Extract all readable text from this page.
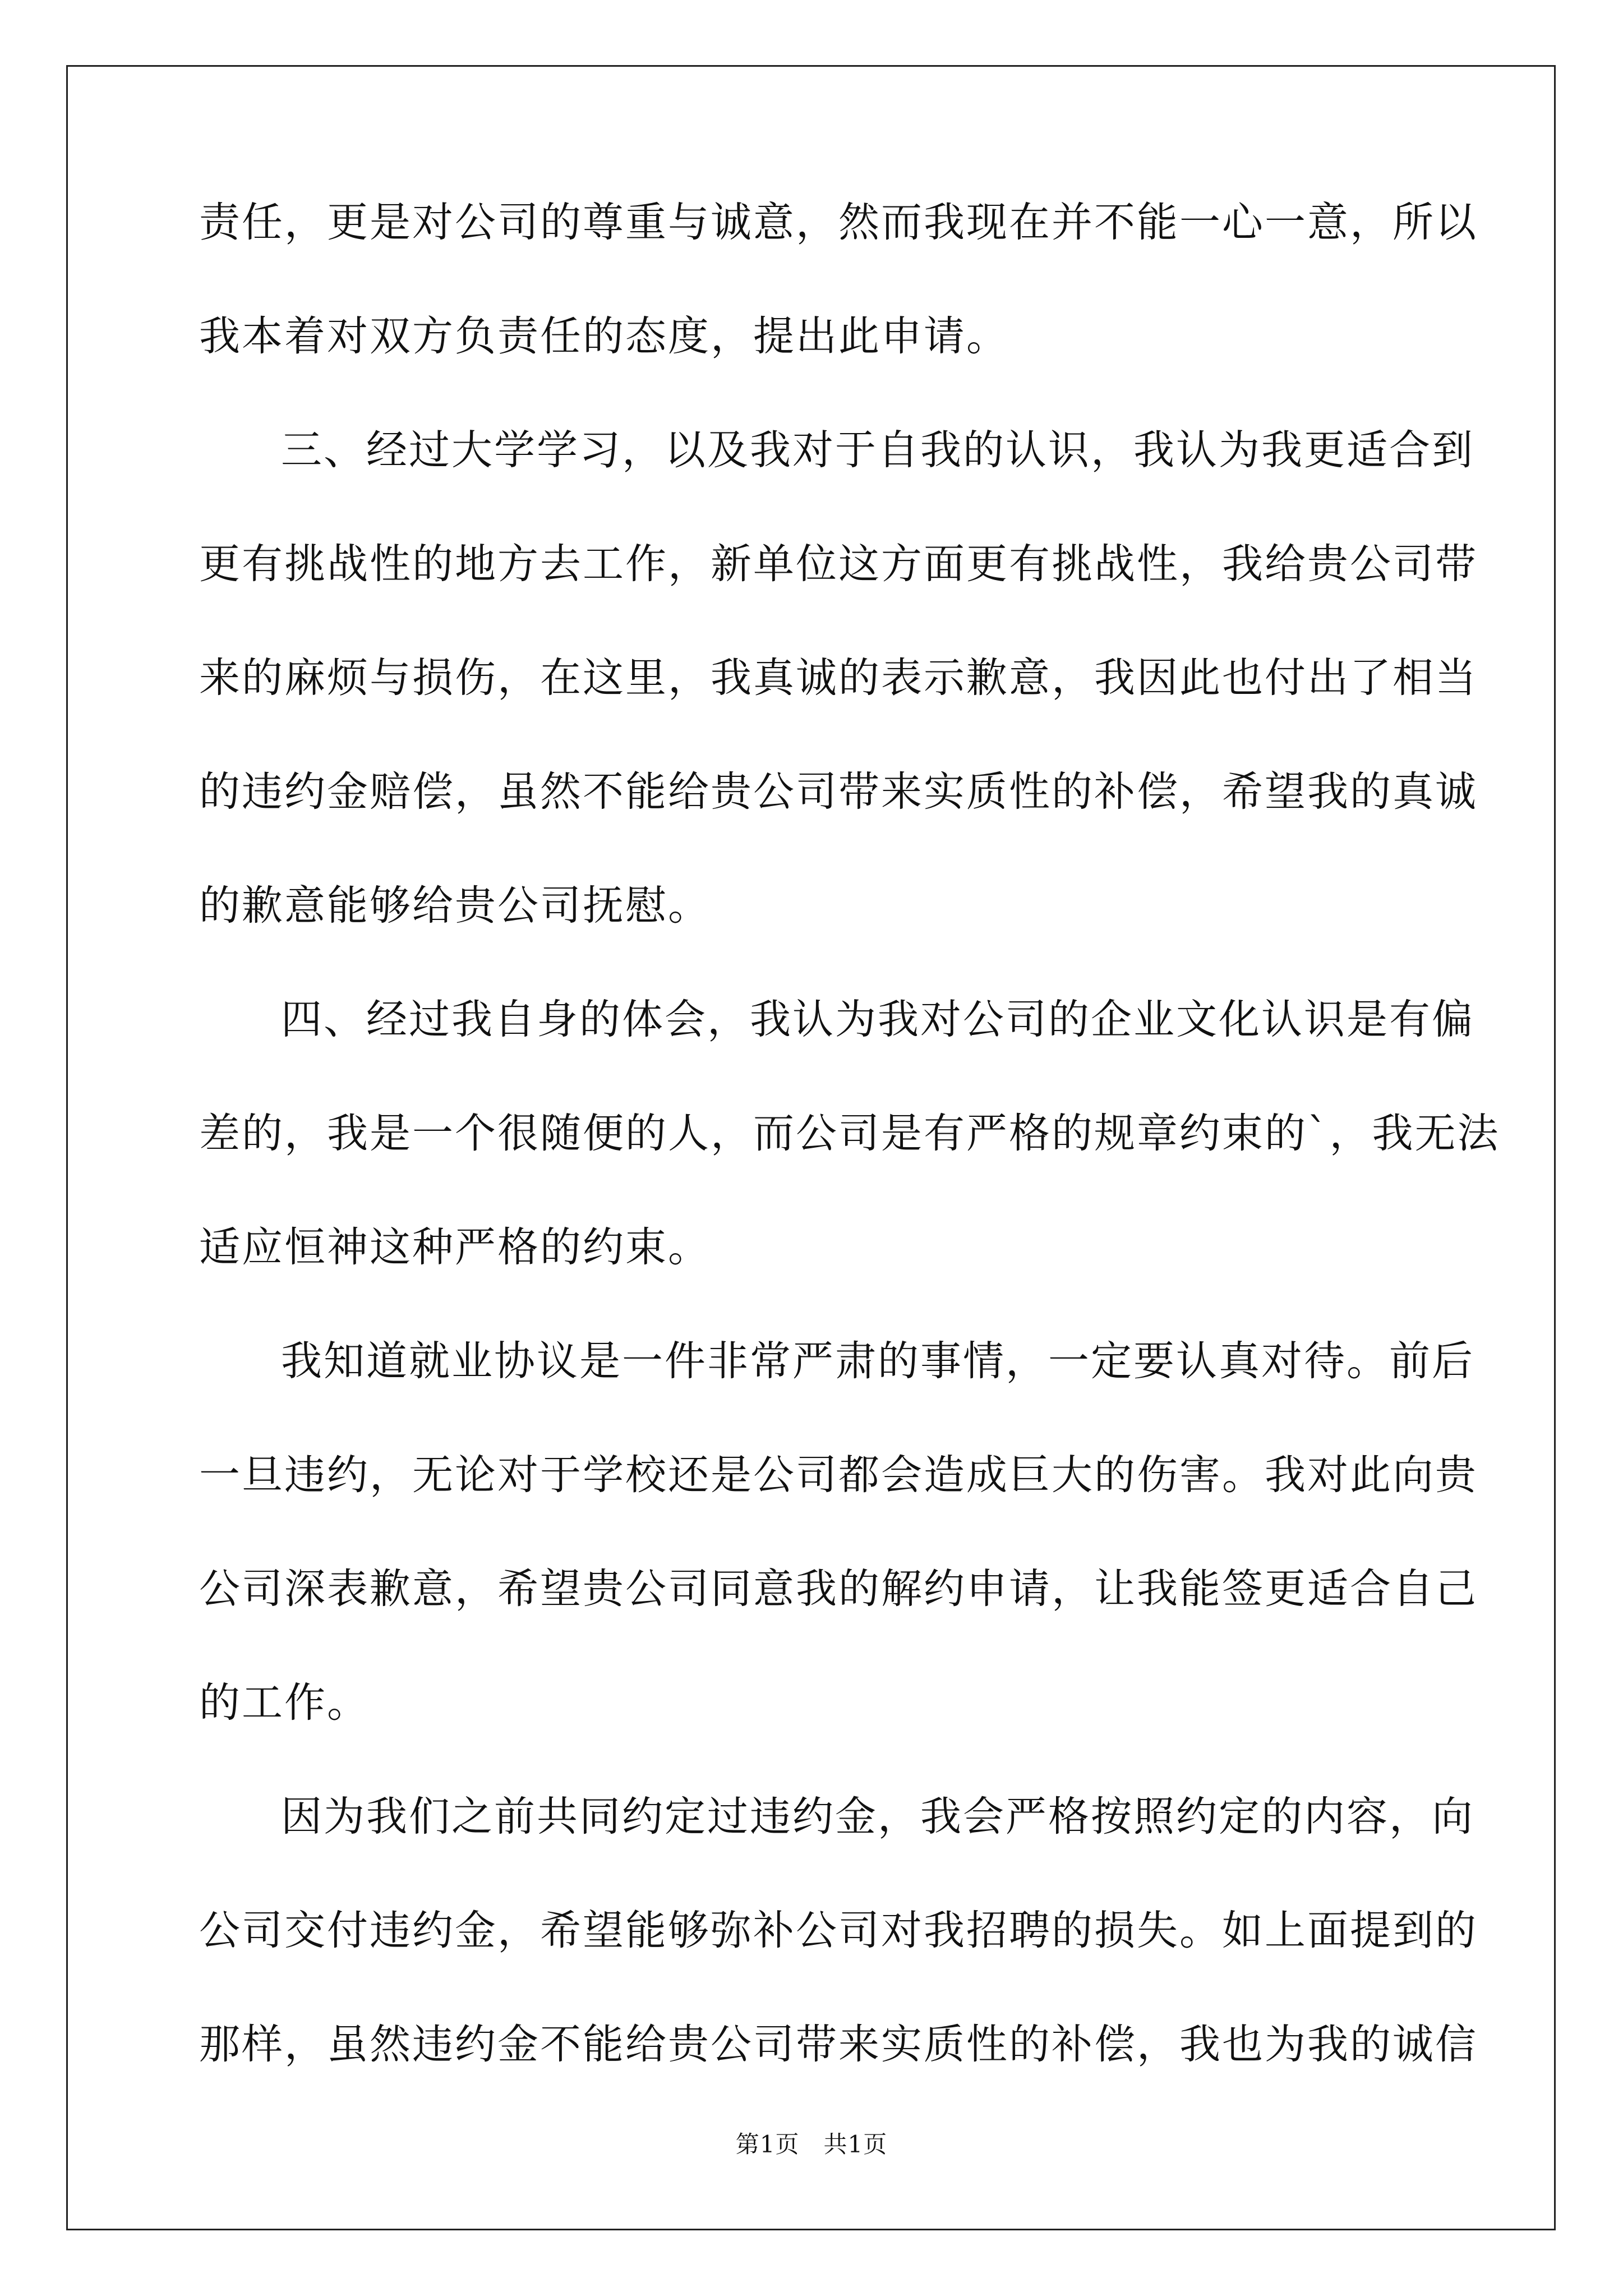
责任，更是对公司的尊重与诚意，然而我现在并不能一心一意，所以
我本着对双方负责任的态度，提出此申请。
三、经过大学学习，以及我对于自我的认识，我认为我更适合到
更有挑战性的地方去工作，新单位这方面更有挑战性，我给贵公司带
来的麻烦与损伤，在这里，我真诚的表示歉意，我因此也付出了相当
的违约金赔偿，虽然不能给贵公司带来实质性的补偿，希望我的真诚
的歉意能够给贵公司抚慰。
四、经过我自身的体会，我认为我对公司的企业文化认识是有偏
差的，我是一个很随便的人，而公司是有严格的规章约束的`，我无法
适应恒神这种严格的约束。
我知道就业协议是一件非常严肃的事情，一定要认真对待。前后
一旦违约，无论对于学校还是公司都会造成巨大的伤害。我对此向贵
公司深表歉意，希望贵公司同意我的解约申请，让我能签更适合自己
的工作。
因为我们之前共同约定过违约金，我会严格按照约定的内容，向
公司交付违约金，希望能够弥补公司对我招聘的损失。如上面提到的
那样，虽然违约金不能给贵公司带来实质性的补偿，我也为我的诚信
第1页　共1页
